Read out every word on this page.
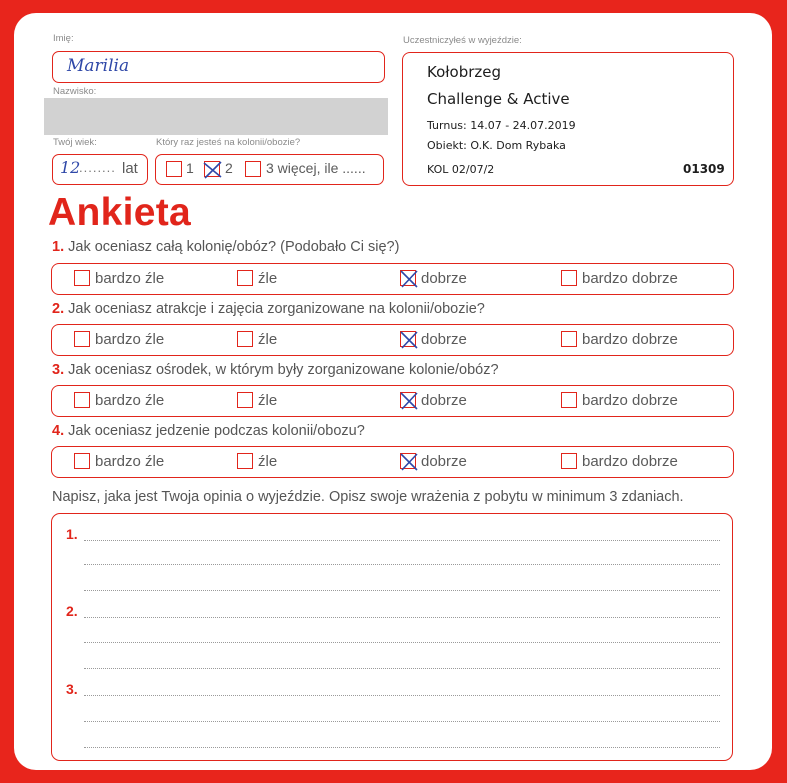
Imię:
Marilia
Nazwisko:
Twój wiek:	Który raz jesteś na kolonii/obozie?
12
........ lat	1 2 3 więcej, ile ......
Uczestniczyłeś w wyjeździe:
Kołobrzeg
Challenge & Active
Turnus: 14.07 - 24.07.2019
Obiekt: O.K. Dom Rybaka
KOL 02/07/2	01309
Ankieta
1. Jak oceniasz całą kolonię/obóz? (Podobało Ci się?)
bardzo źle	źle	dobrze	bardzo dobrze
2. Jak oceniasz atrakcje i zajęcia zorganizowane na kolonii/obozie?
bardzo źle	źle	dobrze	bardzo dobrze
3. Jak oceniasz ośrodek, w którym były zorganizowane kolonie/obóz?
bardzo źle	źle	dobrze	bardzo dobrze
4. Jak oceniasz jedzenie podczas kolonii/obozu?
bardzo źle	źle	dobrze	bardzo dobrze
Napisz, jaka jest Twoja opinia o wyjeździe. Opisz swoje wrażenia z pobytu w minimum 3 zdaniach.
1.
2.
3.
